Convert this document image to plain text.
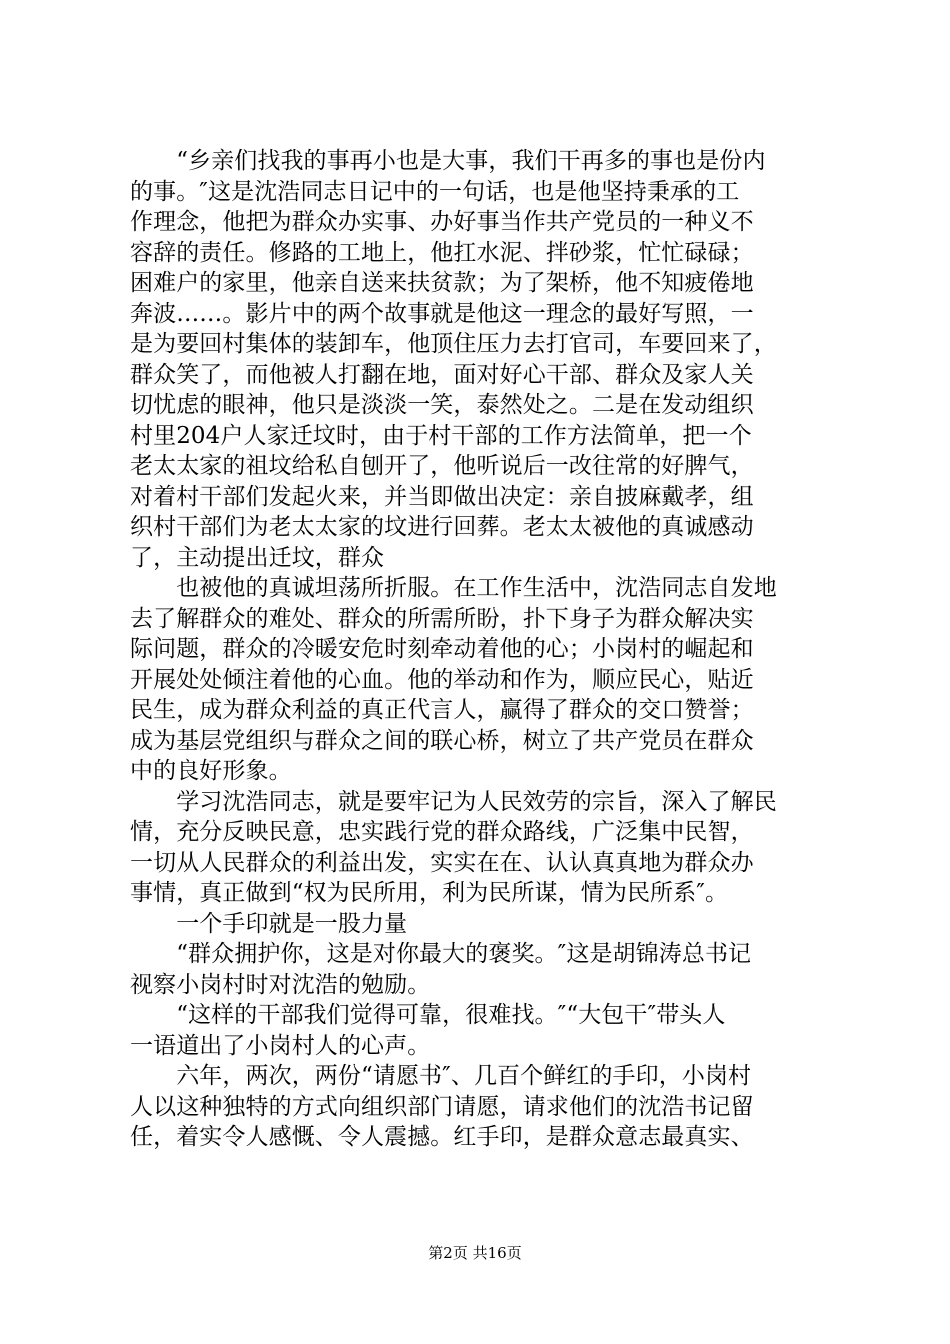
　　“乡亲们找我的事再小也是大事，我们干再多的事也是份内
的事。″这是沈浩同志日记中的一句话，也是他坚持秉承的工
作理念，他把为群众办实事、办好事当作共产党员的一种义不
容辞的责任。修路的工地上，他扛水泥、拌砂浆，忙忙碌碌；
困难户的家里，他亲自送来扶贫款；为了架桥，他不知疲倦地
奔波……。影片中的两个故事就是他这一理念的最好写照，一
是为要回村集体的装卸车，他顶住压力去打官司，车要回来了，
群众笑了，而他被人打翻在地，面对好心干部、群众及家人关
切忧虑的眼神，他只是淡淡一笑，泰然处之。二是在发动组织
村里204户人家迁坟时，由于村干部的工作方法简单，把一个
老太太家的祖坟给私自刨开了，他听说后一改往常的好脾气，
对着村干部们发起火来，并当即做出决定：亲自披麻戴孝，组
织村干部们为老太太家的坟进行回葬。老太太被他的真诚感动
了，主动提出迁坟，群众
　　也被他的真诚坦荡所折服。在工作生活中，沈浩同志自发地
去了解群众的难处、群众的所需所盼，扑下身子为群众解决实
际问题，群众的冷暖安危时刻牵动着他的心；小岗村的崛起和
开展处处倾注着他的心血。他的举动和作为，顺应民心，贴近
民生，成为群众利益的真正代言人，赢得了群众的交口赞誉；
成为基层党组织与群众之间的联心桥，树立了共产党员在群众
中的良好形象。
　　学习沈浩同志，就是要牢记为人民效劳的宗旨，深入了解民
情，充分反映民意，忠实践行党的群众路线，广泛集中民智，
一切从人民群众的利益出发，实实在在、认认真真地为群众办
事情，真正做到“权为民所用，利为民所谋，情为民所系″。
　　一个手印就是一股力量
　　“群众拥护你，这是对你最大的褒奖。″这是胡锦涛总书记
视察小岗村时对沈浩的勉励。
　　“这样的干部我们觉得可靠，很难找。″“大包干″带头人
一语道出了小岗村人的心声。
　　六年，两次，两份“请愿书″、几百个鲜红的手印，小岗村
人以这种独特的方式向组织部门请愿，请求他们的沈浩书记留
任，着实令人感慨、令人震撼。红手印，是群众意志最真实、
第2页 共16页
